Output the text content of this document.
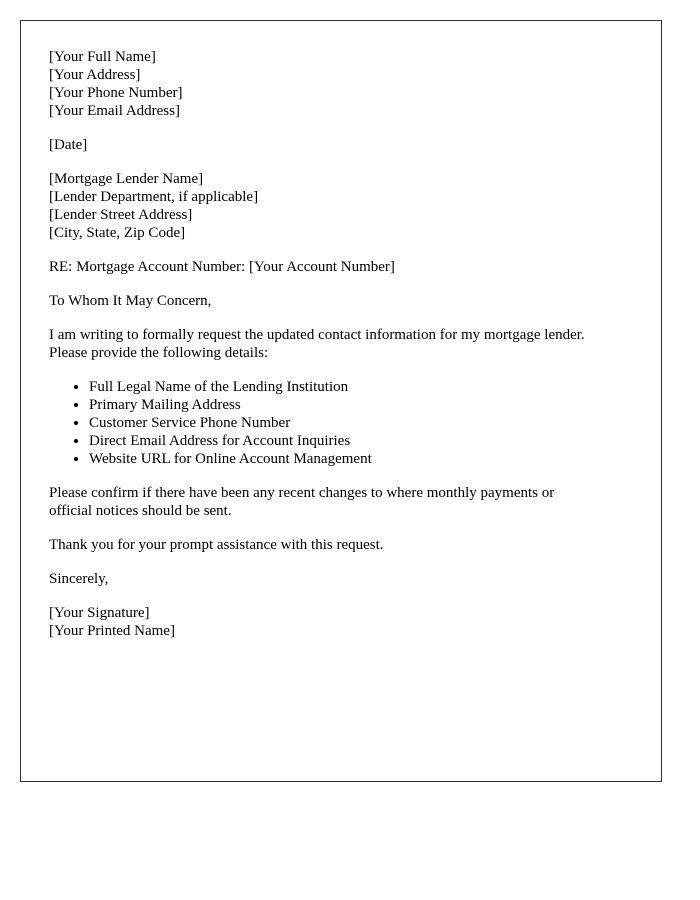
[Your Full Name]
[Your Address]
[Your Phone Number]
[Your Email Address]

[Date]

[Mortgage Lender Name]
[Lender Department, if applicable]
[Lender Street Address]
[City, State, Zip Code]

RE: Mortgage Account Number: [Your Account Number]

To Whom It May Concern,

I am writing to formally request the updated contact information for my mortgage lender.
Please provide the following details:

• Full Legal Name of the Lending Institution
• Primary Mailing Address
• Customer Service Phone Number
• Direct Email Address for Account Inquiries
• Website URL for Online Account Management

Please confirm if there have been any recent changes to where monthly payments or
official notices should be sent.

Thank you for your prompt assistance with this request.

Sincerely,

[Your Signature]
[Your Printed Name]
